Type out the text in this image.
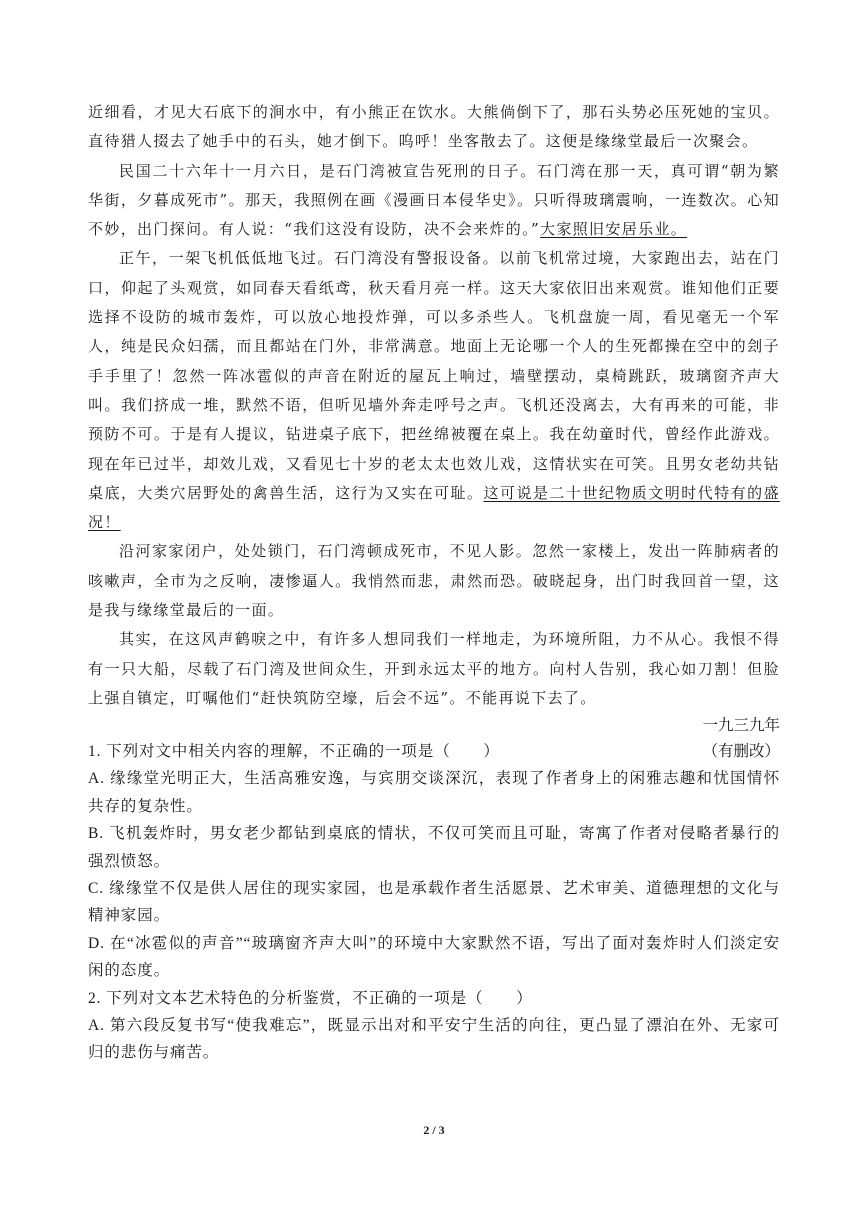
近细看，才见大石底下的涧水中，有小熊正在饮水。大熊倘倒下了，那石头势必压死她的宝贝。直待猎人掇去了她手中的石头，她才倒下。呜呼！坐客散去了。这便是缘缘堂最后一次聚会。

民国二十六年十一月六日，是石门湾被宣告死刑的日子。石门湾在那一天，真可谓“朝为繁华街，夕暮成死市”。那天，我照例在画《漫画日本侵华史》。只听得玻璃震响，一连数次。心知不妙，出门探问。有人说：“我们这没有设防，决不会来炸的。”大家照旧安居乐业。

正午，一架飞机低低地飞过。石门湾没有警报设备。以前飞机常过境，大家跑出去，站在门口，仰起了头观赏，如同春天看纸鸢，秋天看月亮一样。这天大家依旧出来观赏。谁知他们正要选择不设防的城市轰炸，可以放心地投炸弹，可以多杀些人。飞机盘旋一周，看见毫无一个军人，纯是民众妇孺，而且都站在门外，非常满意。地面上无论哪一个人的生死都操在空中的刽子手手里了！忽然一阵冰雹似的声音在附近的屋瓦上响过，墙壁摆动，桌椅跳跃，玻璃窗齐声大叫。我们挤成一堆，默然不语，但听见墙外奔走呼号之声。飞机还没离去，大有再来的可能，非预防不可。于是有人提议，钻进桌子底下，把丝绵被覆在桌上。我在幼童时代，曾经作此游戏。现在年已过半，却效儿戏，又看见七十岁的老太太也效儿戏，这情状实在可笑。且男女老幼共钻桌底，大类穴居野处的禽兽生活，这行为又实在可耻。这可说是二十世纪物质文明时代特有的盛况！

沿河家家闭户，处处锁门，石门湾顿成死市，不见人影。忽然一家楼上，发出一阵肺病者的咳嗽声，全市为之反响，凄惨逼人。我悄然而悲，肃然而恐。破晓起身，出门时我回首一望，这是我与缘缘堂最后的一面。

其实，在这风声鹤唳之中，有许多人想同我们一样地走，为环境所阻，力不从心。我恨不得有一只大船，尽载了石门湾及世间众生，开到永远太平的地方。向村人告别，我心如刀割！但脸上强自镇定，叮嘱他们“赶快筑防空壕，后会不远”。不能再说下去了。

一九三九年

（有删改）

1. 下列对文中相关内容的理解，不正确的一项是（　　）

A. 缘缘堂光明正大，生活高雅安逸，与宾朋交谈深沉，表现了作者身上的闲雅志趣和忧国情怀共存的复杂性。

B. 飞机轰炸时，男女老少都钻到桌底的情状，不仅可笑而且可耻，寄寓了作者对侵略者暴行的强烈愤怒。

C. 缘缘堂不仅是供人居住的现实家园，也是承载作者生活愿景、艺术审美、道德理想的文化与精神家园。

D. 在“冰雹似的声音”“玻璃窗齐声大叫”的环境中大家默然不语，写出了面对轰炸时人们淡定安闲的态度。

2. 下列对文本艺术特色的分析鉴赏，不正确的一项是（　　）

A. 第六段反复书写“使我难忘”，既显示出对和平安宁生活的向往，更凸显了漂泊在外、无家可归的悲伤与痛苦。

2 / 3
